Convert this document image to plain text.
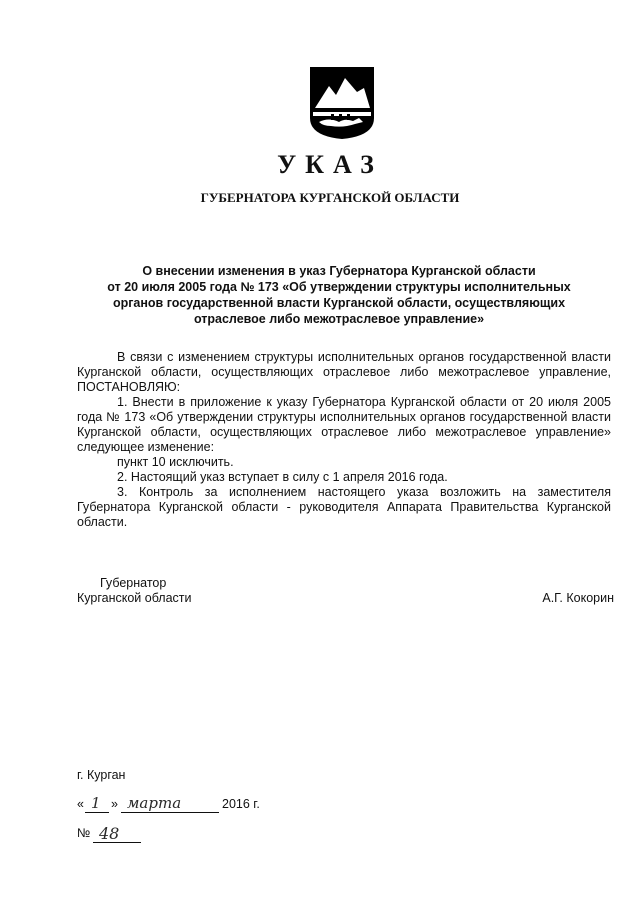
УКАЗ
ГУБЕРНАТОРА КУРГАНСКОЙ ОБЛАСТИ
О внесении изменения в указ Губернатора Курганской области
от 20 июля 2005 года № 173 «Об утверждении структуры исполнительных
органов государственной власти Курганской области, осуществляющих
отраслевое либо межотраслевое управление»

В связи с изменением структуры исполнительных органов государственной власти Курганской области, осуществляющих отраслевое либо межотраслевое управление, ПОСТАНОВЛЯЮ:

1. Внести в приложение к указу Губернатора Курганской области от 20 июля 2005 года № 173 «Об утверждении структуры исполнительных органов государственной власти Курганской области, осуществляющих отраслевое либо межотраслевое управление» следующее изменение:

пункт 10 исключить.

2. Настоящий указ вступает в силу с 1 апреля 2016 года.

3. Контроль за исполнением настоящего указа возложить на заместителя Губернатора Курганской области - руководителя Аппарата Правительства Курганской области.

Губернатор
Курганской области	А.Г. Кокорин
г. Курган
« 1 » марта	2016 г.
№ 48
